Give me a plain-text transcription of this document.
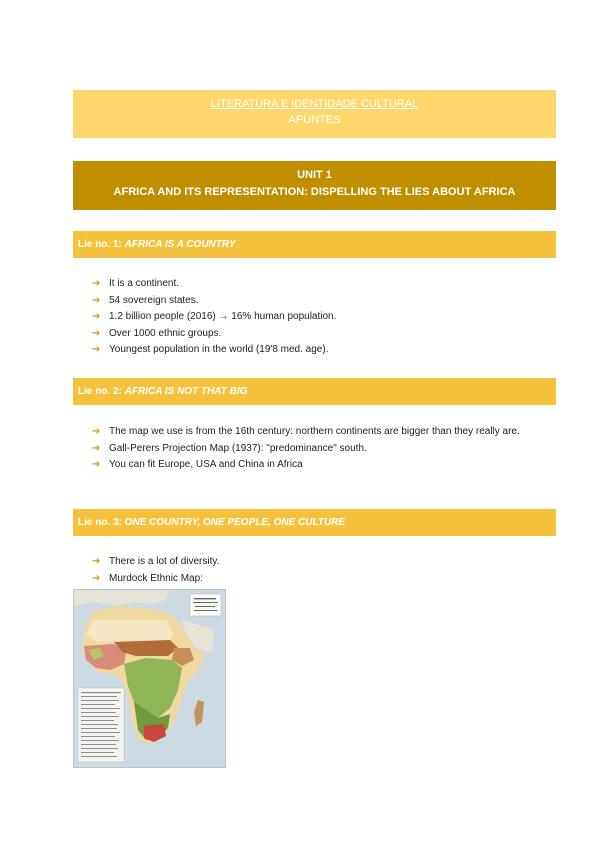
LITERATURA E IDENTIDADE CULTURAL
APUNTES
UNIT 1
AFRICA AND ITS REPRESENTATION: DISPELLING THE LIES ABOUT AFRICA
Lie no. 1: AFRICA IS A COUNTRY
➔ It is a continent.
➔ 54 sovereign states.
➔ 1.2 billion people (2016) → 16% human population.
➔ Over 1000 ethnic groups.
➔ Youngest population in the world (19'8 med. age).
Lie no. 2: AFRICA IS NOT THAT BIG
➔ The map we use is from the 16th century: northern continents are bigger than they really are.
➔ Gall-Perers Projection Map (1937): "predominance" south.
➔ You can fit Europe, USA and China in Africa
Lie no. 3: ONE COUNTRY, ONE PEOPLE, ONE CULTURE
➔ There is a lot of diversity.
➔ Murdock Ethnic Map:
